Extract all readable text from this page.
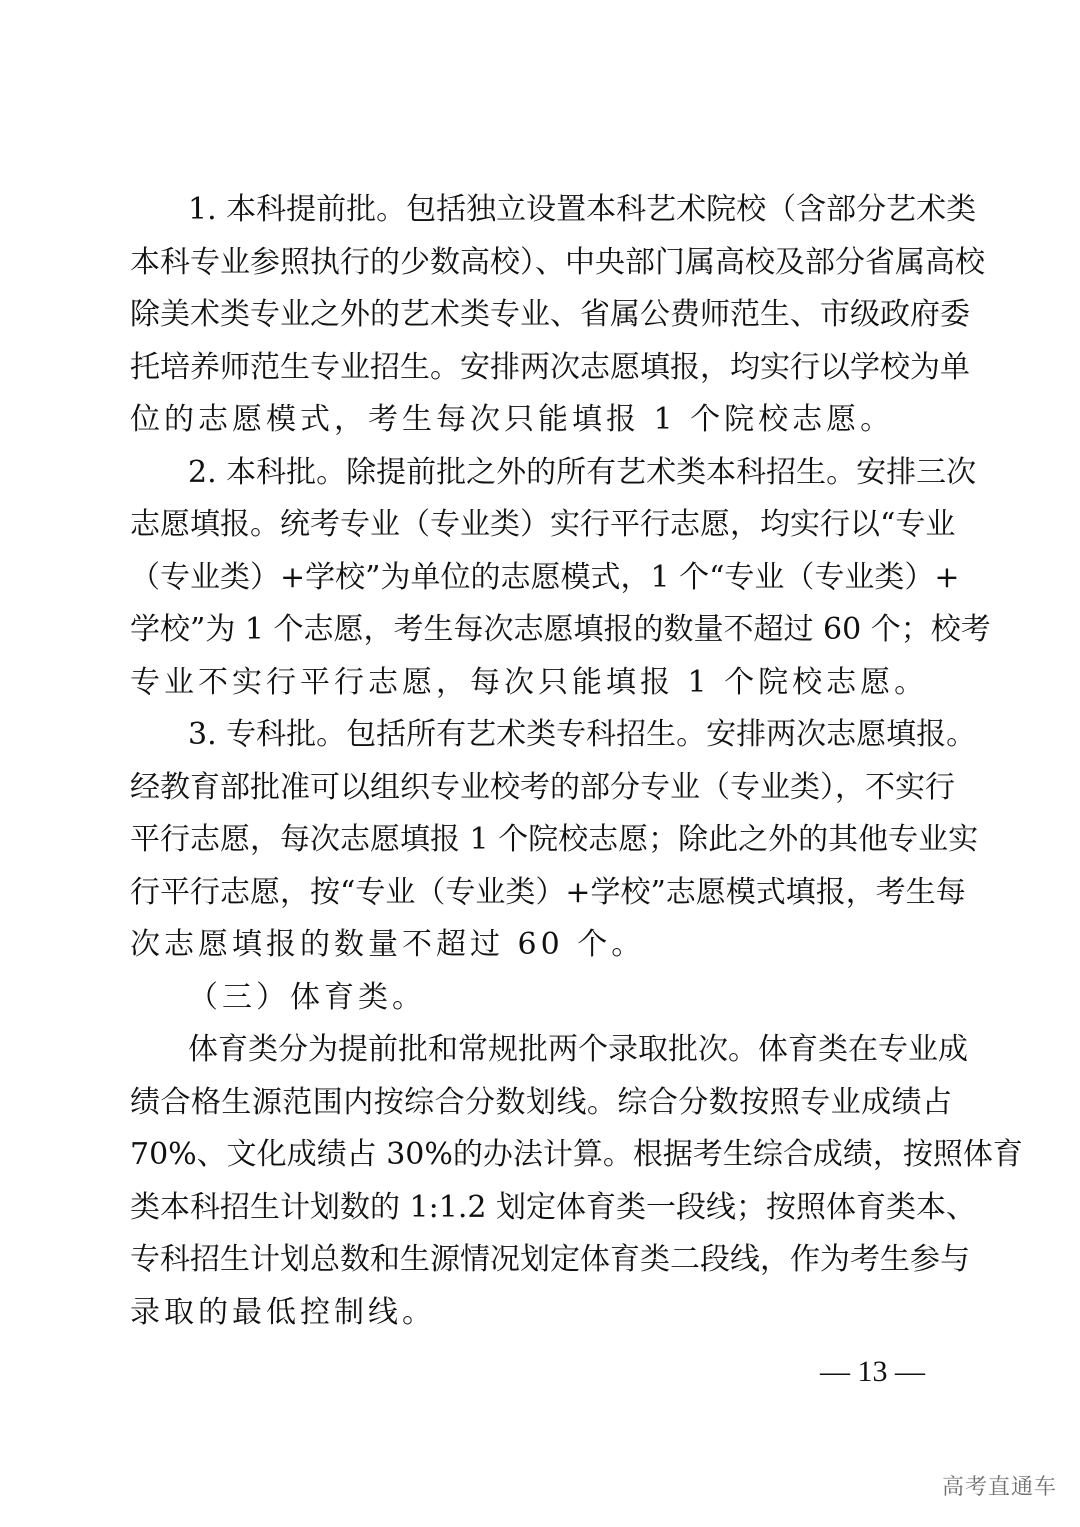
1. 本科提前批。包括独立设置本科艺术院校（含部分艺术类
本科专业参照执行的少数高校）、中央部门属高校及部分省属高校
除美术类专业之外的艺术类专业、省属公费师范生、市级政府委
托培养师范生专业招生。安排两次志愿填报，均实行以学校为单
位的志愿模式，考生每次只能填报 1 个院校志愿。
2. 本科批。除提前批之外的所有艺术类本科招生。安排三次
志愿填报。统考专业（专业类）实行平行志愿，均实行以“专业
（专业类）+学校”为单位的志愿模式，1 个“专业（专业类）+
学校”为 1 个志愿，考生每次志愿填报的数量不超过 60 个；校考
专业不实行平行志愿，每次只能填报 1 个院校志愿。
3. 专科批。包括所有艺术类专科招生。安排两次志愿填报。
经教育部批准可以组织专业校考的部分专业（专业类），不实行
平行志愿，每次志愿填报 1 个院校志愿；除此之外的其他专业实
行平行志愿，按“专业（专业类）+学校”志愿模式填报，考生每
次志愿填报的数量不超过 60 个。
（三）体育类。
体育类分为提前批和常规批两个录取批次。体育类在专业成
绩合格生源范围内按综合分数划线。综合分数按照专业成绩占
70%、文化成绩占 30%的办法计算。根据考生综合成绩，按照体育
类本科招生计划数的 1:1.2 划定体育类一段线；按照体育类本、
专科招生计划总数和生源情况划定体育类二段线，作为考生参与
录取的最低控制线。
— 13 —
高考直通车
